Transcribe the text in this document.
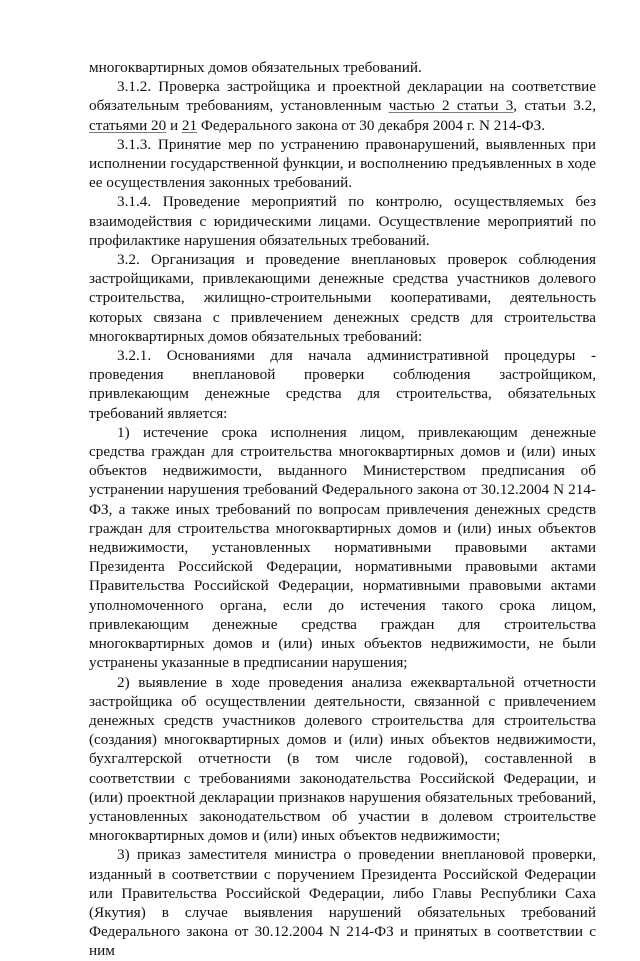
многоквартирных домов обязательных требований.

3.1.2. Проверка застройщика и проектной декларации на соответствие обязательным требованиям, установленным частью 2 статьи 3, статьи 3.2, статьями 20 и 21 Федерального закона от 30 декабря 2004 г. N 214-ФЗ.

3.1.3. Принятие мер по устранению правонарушений, выявленных при исполнении государственной функции, и восполнению предъявленных в ходе ее осуществления законных требований.

3.1.4. Проведение мероприятий по контролю, осуществляемых без взаимодействия с юридическими лицами. Осуществление мероприятий по профилактике нарушения обязательных требований.

3.2. Организация и проведение внеплановых проверок соблюдения застройщиками, привлекающими денежные средства участников долевого строительства, жилищно-строительными кооперативами, деятельность которых связана с привлечением денежных средств для строительства многоквартирных домов обязательных требований:

3.2.1. Основаниями для начала административной процедуры - проведения внеплановой проверки соблюдения застройщиком, привлекающим денежные средства для строительства, обязательных требований является:

1) истечение срока исполнения лицом, привлекающим денежные средства граждан для строительства многоквартирных домов и (или) иных объектов недвижимости, выданного Министерством предписания об устранении нарушения требований Федерального закона от 30.12.2004 N 214-ФЗ, а также иных требований по вопросам привлечения денежных средств граждан для строительства многоквартирных домов и (или) иных объектов недвижимости, установленных нормативными правовыми актами Президента Российской Федерации, нормативными правовыми актами Правительства Российской Федерации, нормативными правовыми актами уполномоченного органа, если до истечения такого срока лицом, привлекающим денежные средства граждан для строительства многоквартирных домов и (или) иных объектов недвижимости, не были устранены указанные в предписании нарушения;

2) выявление в ходе проведения анализа ежеквартальной отчетности застройщика об осуществлении деятельности, связанной с привлечением денежных средств участников долевого строительства для строительства (создания) многоквартирных домов и (или) иных объектов недвижимости, бухгалтерской отчетности (в том числе годовой), составленной в соответствии с требованиями законодательства Российской Федерации, и (или) проектной декларации признаков нарушения обязательных требований, установленных законодательством об участии в долевом строительстве многоквартирных домов и (или) иных объектов недвижимости;

3) приказ заместителя министра о проведении внеплановой проверки, изданный в соответствии с поручением Президента Российской Федерации или Правительства Российской Федерации, либо Главы Республики Саха (Якутия) в случае выявления нарушений обязательных требований Федерального закона от 30.12.2004 N 214-ФЗ и принятых в соответствии с ним
